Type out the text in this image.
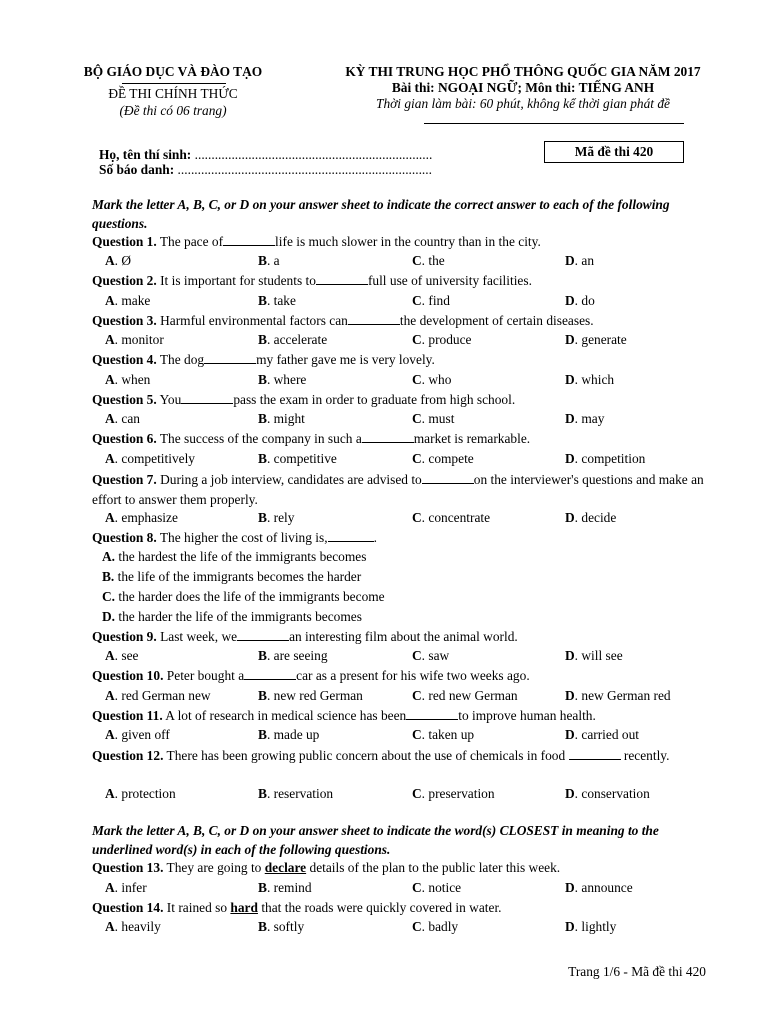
BỘ GIÁO DỤC VÀ ĐÀO TẠO
ĐỀ THI CHÍNH THỨC
(Đề thi có 06 trang)
KỲ THI TRUNG HỌC PHỔ THÔNG QUỐC GIA NĂM 2017
Bài thi: NGOẠI NGỮ; Môn thi: TIẾNG ANH
Thời gian làm bài: 60 phút, không kể thời gian phát đề
Họ, tên thí sinh: .......................................................................
Số báo danh: ............................................................................
Mã đề thi 420
Mark the letter A, B, C, or D on your answer sheet to indicate the correct answer to each of the following questions.
Question 1. The pace of	life is much slower in the country than in the city.
A. Ø	B. a	C. the	D. an
Question 2. It is important for students to	full use of university facilities.
A. make	B. take	C. find	D. do
Question 3. Harmful environmental factors can	the development of certain diseases.
A. monitor	B. accelerate	C. produce	D. generate
Question 4. The dog	my father gave me is very lovely.
A. when	B. where	C. who	D. which
Question 5. You	pass the exam in order to graduate from high school.
A. can	B. might	C. must	D. may
Question 6. The success of the company in such a	market is remarkable.
A. competitively	B. competitive	C. compete	D. competition
Question 7. During a job interview, candidates are advised to	on the interviewer's questions and make an effort to answer them properly.
A. emphasize	B. rely	C. concentrate	D. decide
Question 8. The higher the cost of living is,	.
A. the hardest the life of the immigrants becomes
B. the life of the immigrants becomes the harder
C. the harder does the life of the immigrants become
D. the harder the life of the immigrants becomes
Question 9. Last week, we	an interesting film about the animal world.
A. see	B. are seeing	C. saw	D. will see
Question 10. Peter bought a	car as a present for his wife two weeks ago.
A. red German new	B. new red German	C. red new German	D. new German red
Question 11. A lot of research in medical science has been	to improve human health.
A. given off	B. made up	C. taken up	D. carried out
Question 12. There has been growing public concern about the use of chemicals in food	recently.
A. protection	B. reservation	C. preservation	D. conservation
Mark the letter A, B, C, or D on your answer sheet to indicate the word(s) CLOSEST in meaning to the underlined word(s) in each of the following questions.
Question 13. They are going to declare details of the plan to the public later this week.
A. infer	B. remind	C. notice	D. announce
Question 14. It rained so hard that the roads were quickly covered in water.
A. heavily	B. softly	C. badly	D. lightly
Trang 1/6 - Mã đề thi 420
